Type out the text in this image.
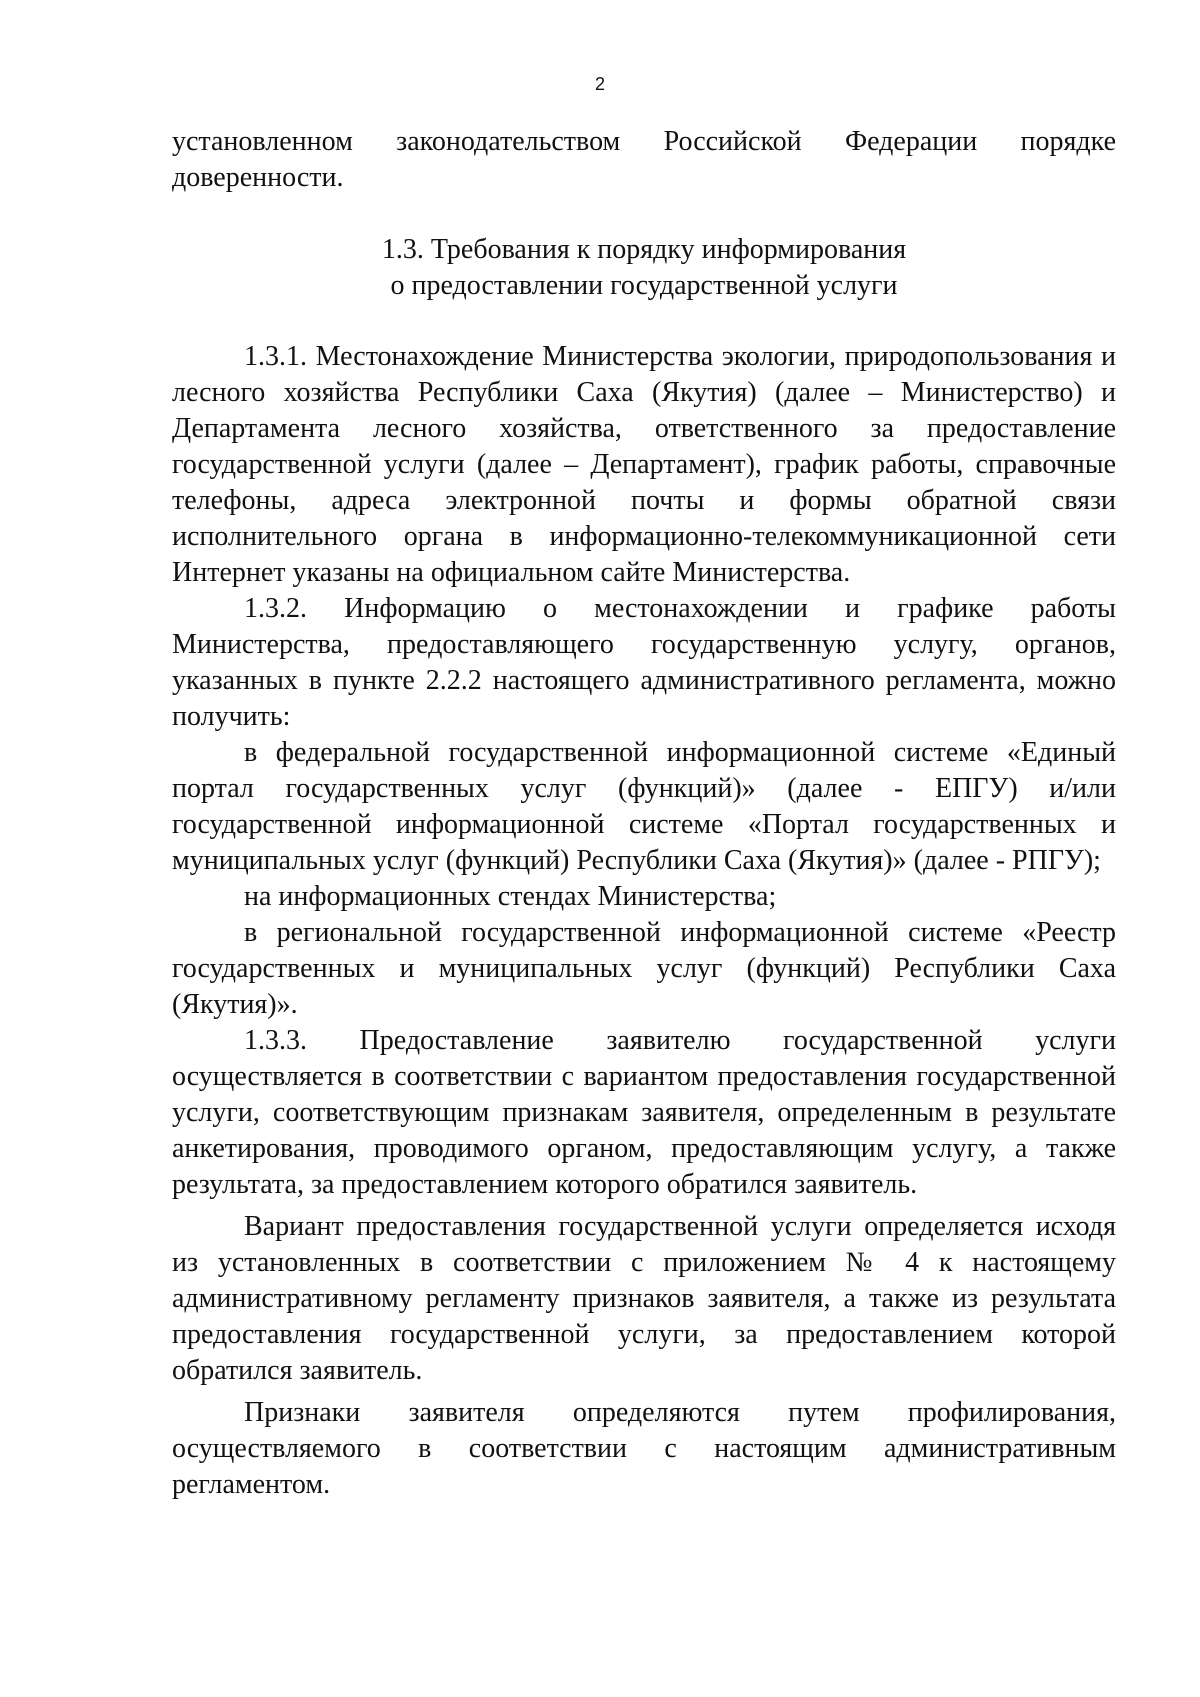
2

установленном законодательством Российской Федерации порядке доверенности.

1.3. Требования к порядку информирования
о предоставлении государственной услуги

1.3.1. Местонахождение Министерства экологии, природопользования и лесного хозяйства Республики Саха (Якутия) (далее – Министерство) и Департамента лесного хозяйства, ответственного за предоставление государственной услуги (далее – Департамент), график работы, справочные телефоны, адреса электронной почты и формы обратной связи исполнительного органа в информационно-телекоммуникационной сети Интернет указаны на официальном сайте Министерства.

1.3.2. Информацию о местонахождении и графике работы Министерства, предоставляющего государственную услугу, органов, указанных в пункте 2.2.2 настоящего административного регламента, можно получить:

в федеральной государственной информационной системе «Единый портал государственных услуг (функций)» (далее - ЕПГУ) и/или государственной информационной системе «Портал государственных и муниципальных услуг (функций) Республики Саха (Якутия)» (далее - РПГУ);

на информационных стендах Министерства;

в региональной государственной информационной системе «Реестр государственных и муниципальных услуг (функций) Республики Саха (Якутия)».

1.3.3. Предоставление заявителю государственной услуги осуществляется в соответствии с вариантом предоставления государственной услуги, соответствующим признакам заявителя, определенным в результате анкетирования, проводимого органом, предоставляющим услугу, а также результата, за предоставлением которого обратился заявитель.

Вариант предоставления государственной услуги определяется исходя из установленных в соответствии с приложением № 4 к настоящему административному регламенту признаков заявителя, а также из результата предоставления государственной услуги, за предоставлением которой обратился заявитель.

Признаки заявителя определяются путем профилирования, осуществляемого в соответствии с настоящим административным регламентом.
